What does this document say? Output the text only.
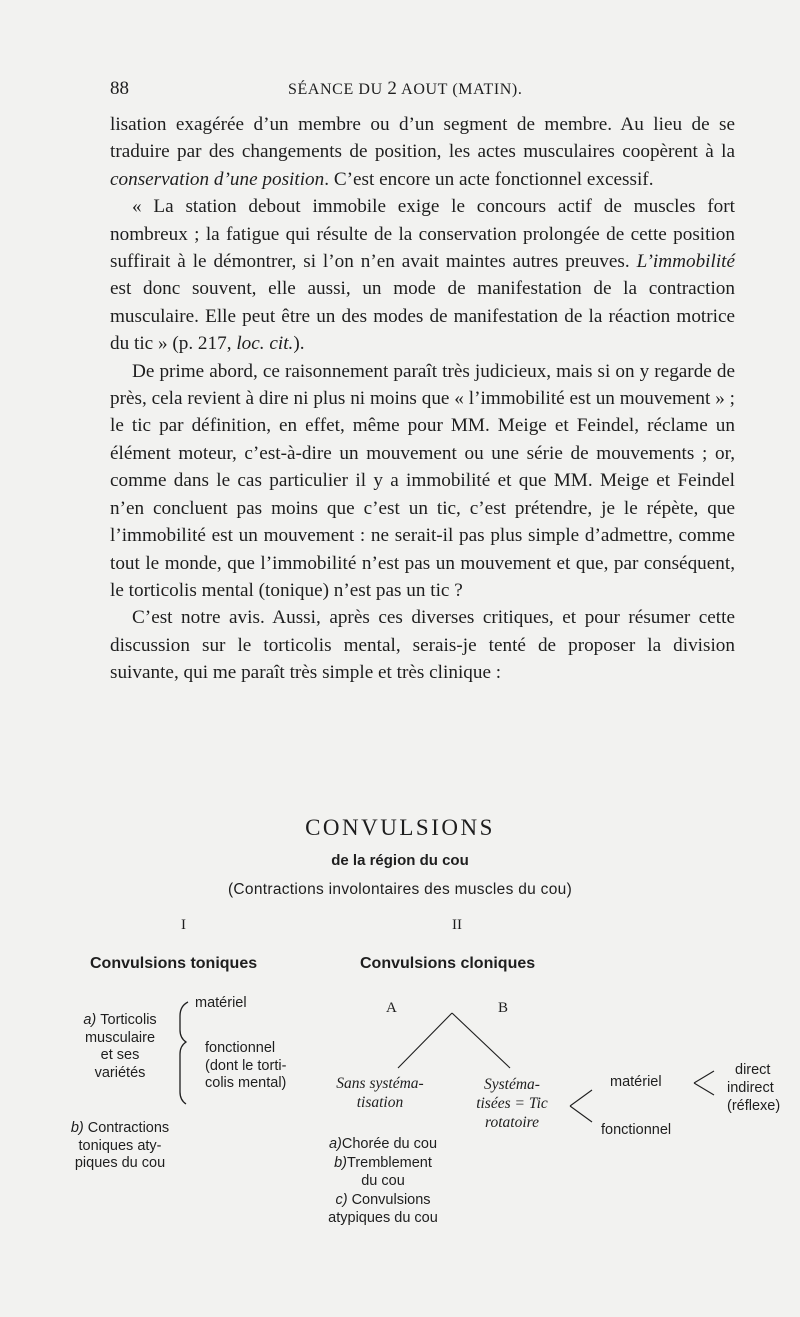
88	SÉANCE DU 2 AOUT (MATIN).

lisation exagérée d’un membre ou d’un segment de membre. Au lieu de se traduire par des changements de position, les actes musculaires coopèrent à la conservation d’une position. C’est encore un acte fonctionnel excessif.

« La station debout immobile exige le concours actif de muscles fort nombreux ; la fatigue qui résulte de la conservation prolongée de cette position suffirait à le démontrer, si l’on n’en avait maintes autres preuves. L’immobilité est donc souvent, elle aussi, un mode de manifestation de la contraction musculaire. Elle peut être un des modes de manifestation de la réaction motrice du tic » (p. 217, loc. cit.).

De prime abord, ce raisonnement paraît très judicieux, mais si on y regarde de près, cela revient à dire ni plus ni moins que « l’immobilité est un mouvement » ; le tic par définition, en effet, même pour MM. Meige et Feindel, réclame un élément moteur, c’est-à-dire un mouvement ou une série de mouvements ; or, comme dans le cas particulier il y a immobilité et que MM. Meige et Feindel n’en concluent pas moins que c’est un tic, c’est prétendre, je le répète, que l’immobilité est un mouvement : ne serait-il pas plus simple d’admettre, comme tout le monde, que l’immobilité n’est pas un mouvement et que, par conséquent, le torticolis mental (tonique) n’est pas un tic ?

C’est notre avis. Aussi, après ces diverses critiques, et pour résumer cette discussion sur le torticolis mental, serais-je tenté de proposer la division suivante, qui me paraît très simple et très clinique :

CONVULSIONS
de la région du cou
(Contractions involontaires des muscles du cou)
I
Convulsions toniques
a) Torticolis
musculaire
et ses
variétés
matériel
fonctionnel
(dont le torti-
colis mental)
b) Contractions
toniques aty-
piques du cou
II
Convulsions cloniques
A	B
Sans systéma-
tisation
a)Chorée du cou
b)Tremblement
du cou
c) Convulsions
atypiques du cou
Systéma-
tisées = Tic
rotatoire
matériel
fonctionnel
direct
indirect
(réflexe)
